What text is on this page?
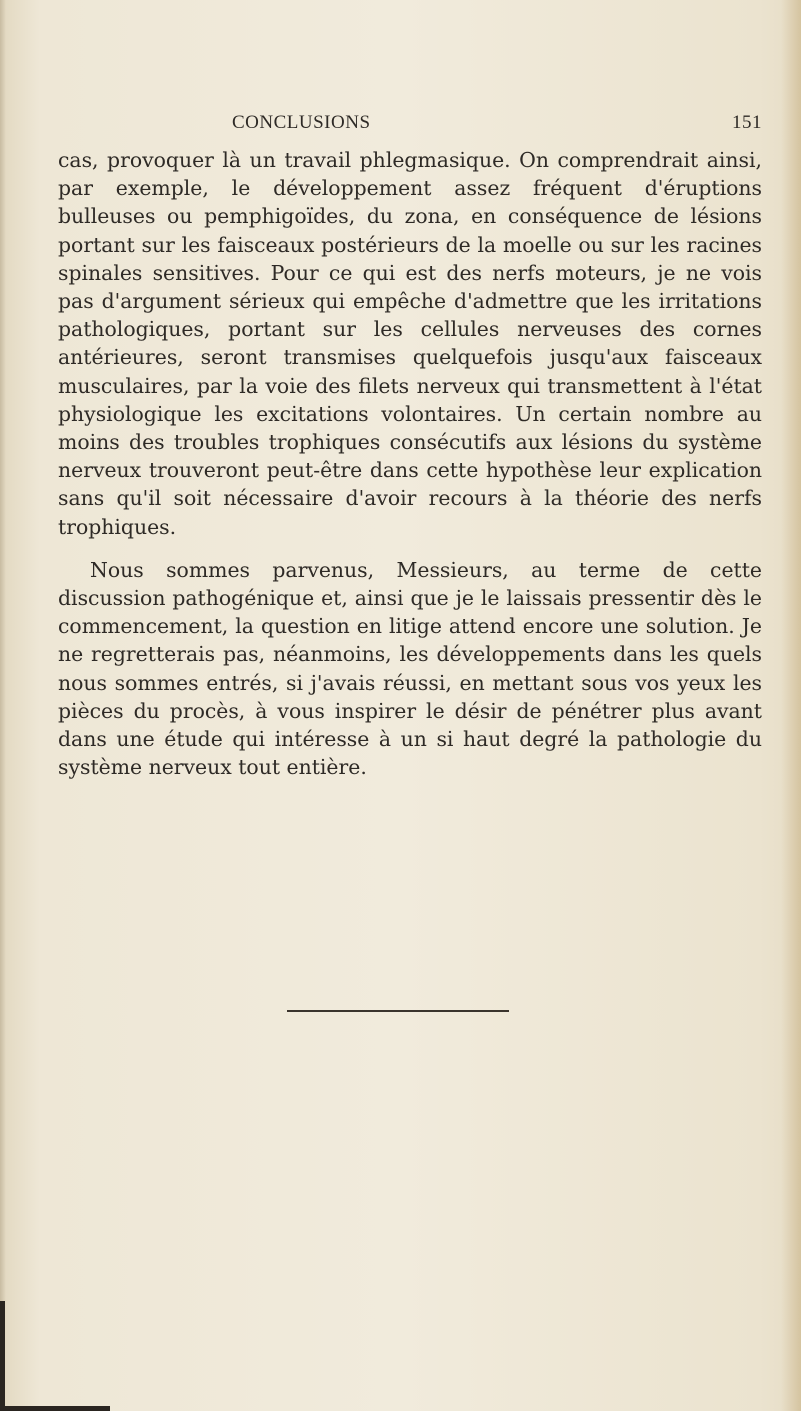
CONCLUSIONS	151

cas, provoquer là un travail phlegmasique. On comprendrait ainsi, par exemple, le développement assez fréquent d'éruptions bulleuses ou pemphigoïdes, du zona, en conséquence de lésions portant sur les faisceaux postérieurs de la moelle ou sur les racines spinales sensitives. Pour ce qui est des nerfs moteurs, je ne vois pas d'argument sérieux qui empêche d'admettre que les irritations pathologiques, portant sur les cellules nerveuses des cornes antérieures, seront transmises quelquefois jusqu'aux faisceaux musculaires, par la voie des filets nerveux qui transmettent à l'état physiologique les excitations volontaires. Un certain nombre au moins des troubles trophiques consécutifs aux lésions du système nerveux trouveront peut-être dans cette hypothèse leur explication sans qu'il soit nécessaire d'avoir recours à la théorie des nerfs trophiques.

Nous sommes parvenus, Messieurs, au terme de cette discussion pathogénique et, ainsi que je le laissais pressentir dès le commencement, la question en litige attend encore une solution. Je ne regretterais pas, néanmoins, les développements dans les quels nous sommes entrés, si j'avais réussi, en mettant sous vos yeux les pièces du procès, à vous inspirer le désir de pénétrer plus avant dans une étude qui intéresse à un si haut degré la pathologie du système nerveux tout entière.
